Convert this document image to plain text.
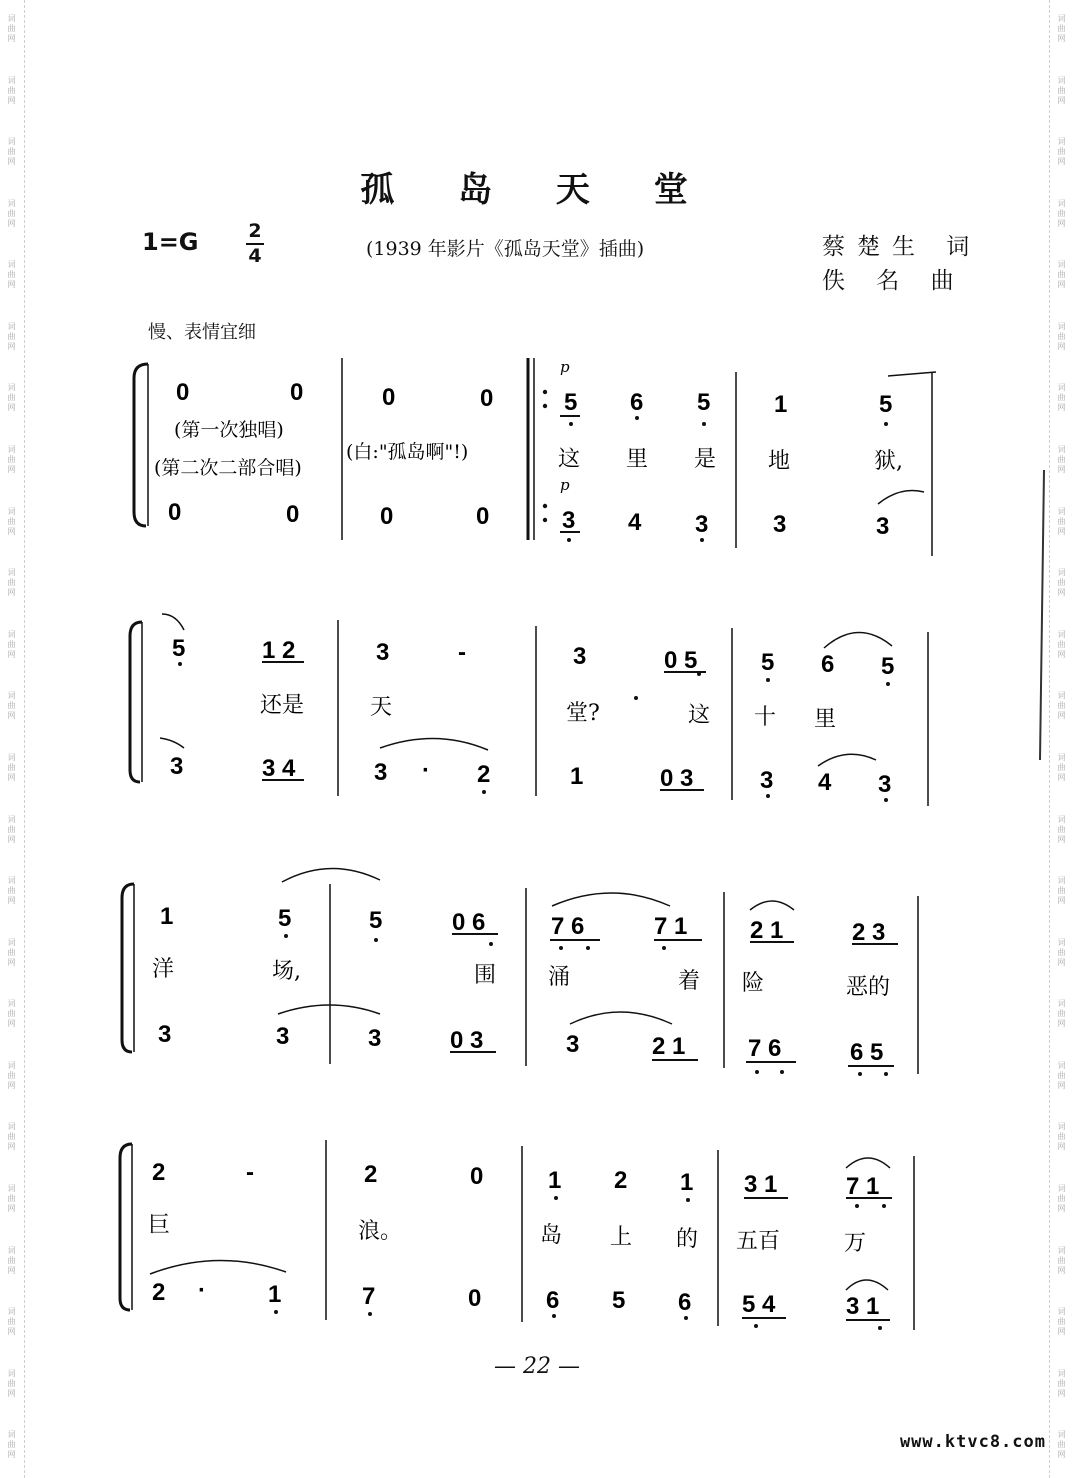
词曲网
词曲网
词曲网
词曲网
词曲网
词曲网
词曲网
词曲网
词曲网
词曲网
词曲网
词曲网
词曲网
词曲网
词曲网
词曲网
词曲网
词曲网
词曲网
词曲网
词曲网
词曲网
词曲网
词曲网
词曲网
词曲网
词曲网
词曲网
词曲网
词曲网
词曲网
词曲网
词曲网
词曲网
词曲网
词曲网
词曲网
词曲网
词曲网
词曲网
词曲网
词曲网
词曲网
词曲网
词曲网
词曲网
词曲网
词曲网
孤 岛 天 堂
1=G	2
4	(1939 年影片《孤岛天堂》插曲)	蔡楚生 词
佚 名 曲
慢、表情宜细
0	0	0	0
p
5 6 5	1	5
(第一次独唱)
(第二次二部合唱)
(白:"孤岛啊"!)	这 里 是 地	狱,
0	0	0	0
p
3 4 3	3	3
5	1 2	3	-	3	0 5	5 6 5
还是	天	堂?	这 十 里
3	3 4	3 · 2	1	0 3	3 4 3
1	5	5	0 6	7 6	7 1	2 1	2 3
洋	场,	围 涌	着 险	恶的
3	3	3	0 3	3	2 1	7 6	6 5
2	-	2	0	1 2 1 3 1	7 1
巨	浪。	岛 上 的 五百	万
2 ·	1	7	0	6 5 6 5 4	3 1
— 22 —
www.ktvc8.com
